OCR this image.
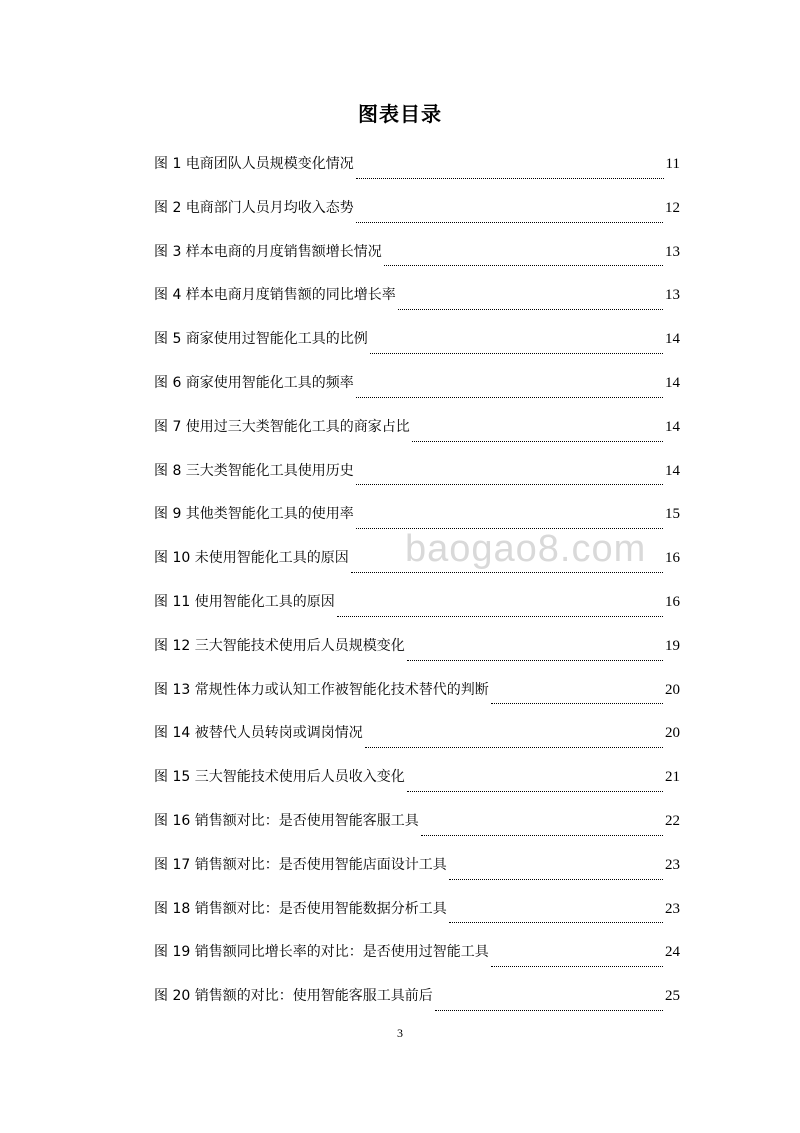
图表目录
baogao8.com
图 1 电商团队人员规模变化情况	11
图 2 电商部门人员月均收入态势	12
图 3 样本电商的月度销售额增长情况	13
图 4 样本电商月度销售额的同比增长率	13
图 5 商家使用过智能化工具的比例	14
图 6 商家使用智能化工具的频率	14
图 7 使用过三大类智能化工具的商家占比	14
图 8 三大类智能化工具使用历史	14
图 9 其他类智能化工具的使用率	15
图 10 未使用智能化工具的原因	16
图 11 使用智能化工具的原因	16
图 12 三大智能技术使用后人员规模变化	19
图 13 常规性体力或认知工作被智能化技术替代的判断	20
图 14 被替代人员转岗或调岗情况	20
图 15 三大智能技术使用后人员收入变化	21
图 16 销售额对比：是否使用智能客服工具	22
图 17 销售额对比：是否使用智能店面设计工具	23
图 18 销售额对比：是否使用智能数据分析工具	23
图 19 销售额同比增长率的对比：是否使用过智能工具	24
图 20 销售额的对比：使用智能客服工具前后	25
3
